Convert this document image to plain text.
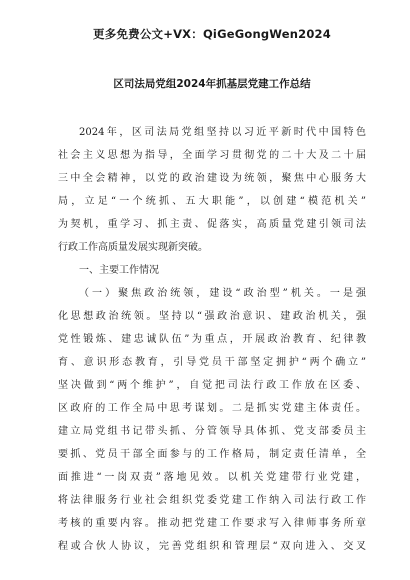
更多免费公文+VX：QiGeGongWen2024
区司法局党组2024年抓基层党建工作总结
2024年，区司法局党组坚持以习近平新时代中国特色
社会主义思想为指导，全面学习贯彻党的二十大及二十届
三中全会精神，以党的政治建设为统领，聚焦中心服务大
局，立足“一个统抓、五大职能”，以创建“模范机关”
为契机，重学习、抓主责、促落实，高质量党建引领司法
行政工作高质量发展实现新突破。
一、主要工作情况
（一）聚焦政治统领，建设“政治型”机关。一是强
化思想政治统领。坚持以“强政治意识、建政治机关，强
党性锻炼、建忠诚队伍”为重点，开展政治教育、纪律教
育、意识形态教育，引导党员干部坚定拥护“两个确立”
坚决做到“两个维护”，自觉把司法行政工作放在区委、
区政府的工作全局中思考谋划。二是抓实党建主体责任。
建立局党组书记带头抓、分管领导具体抓、党支部委员主
要抓、党员干部全面参与的工作格局，制定责任清单，全
面推进“一岗双责”落地见效。以机关党建带行业党建，
将法律服务行业社会组织党委党建工作纳入司法行政工作
考核的重要内容。推动把党建工作要求写入律师事务所章
程或合伙人协议，完善党组织和管理层“双向进入、交叉
